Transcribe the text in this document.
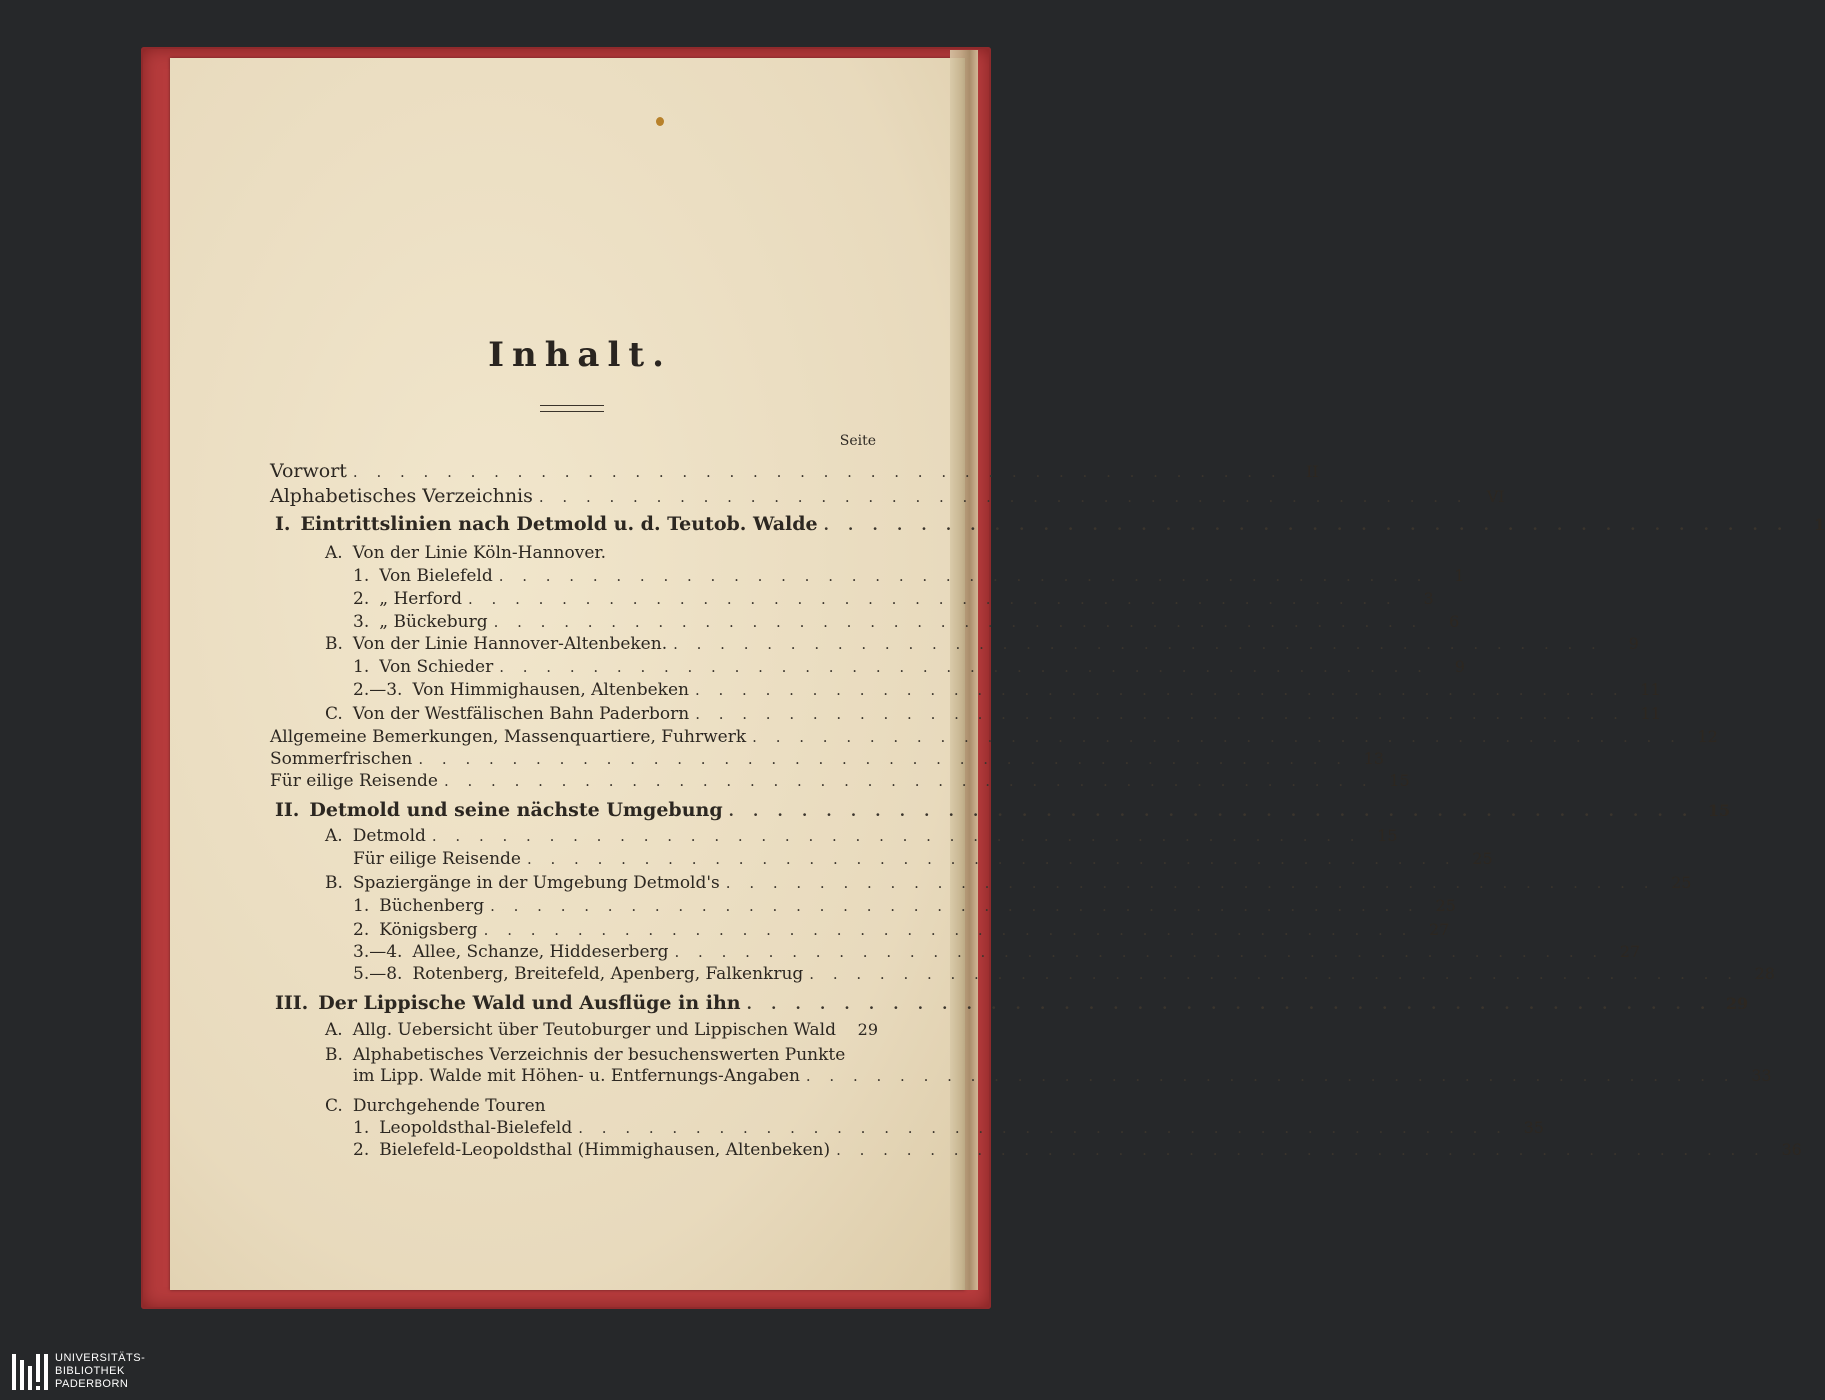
Inhalt.
Seite
Vorwort . . . . . . . . . . . . . . . . . . . . . . . . . . . . . . . . . . . . . . . .	II
Alphabetisches Verzeichnis . . . . . . . . . . . . . . . . . . . . . . . . . . . . . . . . . . . . . . . .	VI
I. Eintrittslinien nach Detmold u. d. Teutob. Walde . . . . . . . . . . . . . . . . . . . . . . . . . . . . . . . . . . . . . . . .	1
A. Von der Linie Köln-Hannover.
1. Von Bielefeld . . . . . . . . . . . . . . . . . . . . . . . . . . . . . . . . . . . . . . . .	1
2. „ Herford . . . . . . . . . . . . . . . . . . . . . . . . . . . . . . . . . . . . . . . .	3
3. „ Bückeburg . . . . . . . . . . . . . . . . . . . . . . . . . . . . . . . . . . . . . . . .	6
B. Von der Linie Hannover-Altenbeken. . . . . . . . . . . . . . . . . . . . . . . . . . . . . . . . . . . . . . . . .	9
1. Von Schieder . . . . . . . . . . . . . . . . . . . . . . . . . . . . . . . . . . . . . . . .	9
2.—3. Von Himmighausen, Altenbeken . . . . . . . . . . . . . . . . . . . . . . . . . . . . . . . . . . . . . . . . 11
C. Von der Westfälischen Bahn Paderborn . . . . . . . . . . . . . . . . . . . . . . . . . . . . . . . . . . . . . . . . 11
Allgemeine Bemerkungen, Massenquartiere, Fuhrwerk . . . . . . . . . . . . . . . . . . . . . . . . . . . . . . . . . . . . . . . . 12
Sommerfrischen . . . . . . . . . . . . . . . . . . . . . . . . . . . . . . . . . . . . . . . . 13
Für eilige Reisende . . . . . . . . . . . . . . . . . . . . . . . . . . . . . . . . . . . . . . . . 15
II. Detmold und seine nächste Umgebung . . . . . . . . . . . . . . . . . . . . . . . . . . . . . . . . . . . . . . . . 15
A. Detmold . . . . . . . . . . . . . . . . . . . . . . . . . . . . . . . . . . . . . . . . 15
Für eilige Reisende . . . . . . . . . . . . . . . . . . . . . . . . . . . . . . . . . . . . . . . . 25
B. Spaziergänge in der Umgebung Detmold's . . . . . . . . . . . . . . . . . . . . . . . . . . . . . . . . . . . . . . . . 25
1. Büchenberg . . . . . . . . . . . . . . . . . . . . . . . . . . . . . . . . . . . . . . . . 25
2. Königsberg . . . . . . . . . . . . . . . . . . . . . . . . . . . . . . . . . . . . . . . . 27
3.—4. Allee, Schanze, Hiddeserberg . . . . . . . . . . . . . . . . . . . . . . . . . . . . . . . . . . . . . . . . 27
5.—8. Rotenberg, Breitefeld, Apenberg, Falkenkrug . . . . . . . . . . . . . . . . . . . . . . . . . . . . . . . . . . . . . . . . 28
III. Der Lippische Wald und Ausflüge in ihn . . . . . . . . . . . . . . . . . . . . . . . . . . . . . . . . . . . . . . . . 29
A. Allg. Uebersicht über Teutoburger und Lippischen Wald	29
B. Alphabetisches Verzeichnis der besuchenswerten Punkte
im Lipp. Walde mit Höhen- u. Entfernungs-Angaben . . . . . . . . . . . . . . . . . . . . . . . . . . . . . . . . . . . . . . . . 33
C. Durchgehende Touren
1. Leopoldsthal-Bielefeld . . . . . . . . . . . . . . . . . . . . . . . . . . . . . . . . . . . . . . . . 35
2. Bielefeld-Leopoldsthal (Himmighausen, Altenbeken) . . . . . . . . . . . . . . . . . . . . . . . . . . . . . . . . . . . . . . . . 36
UNIVERSITÄTS-
BIBLIOTHEK
PADERBORN
